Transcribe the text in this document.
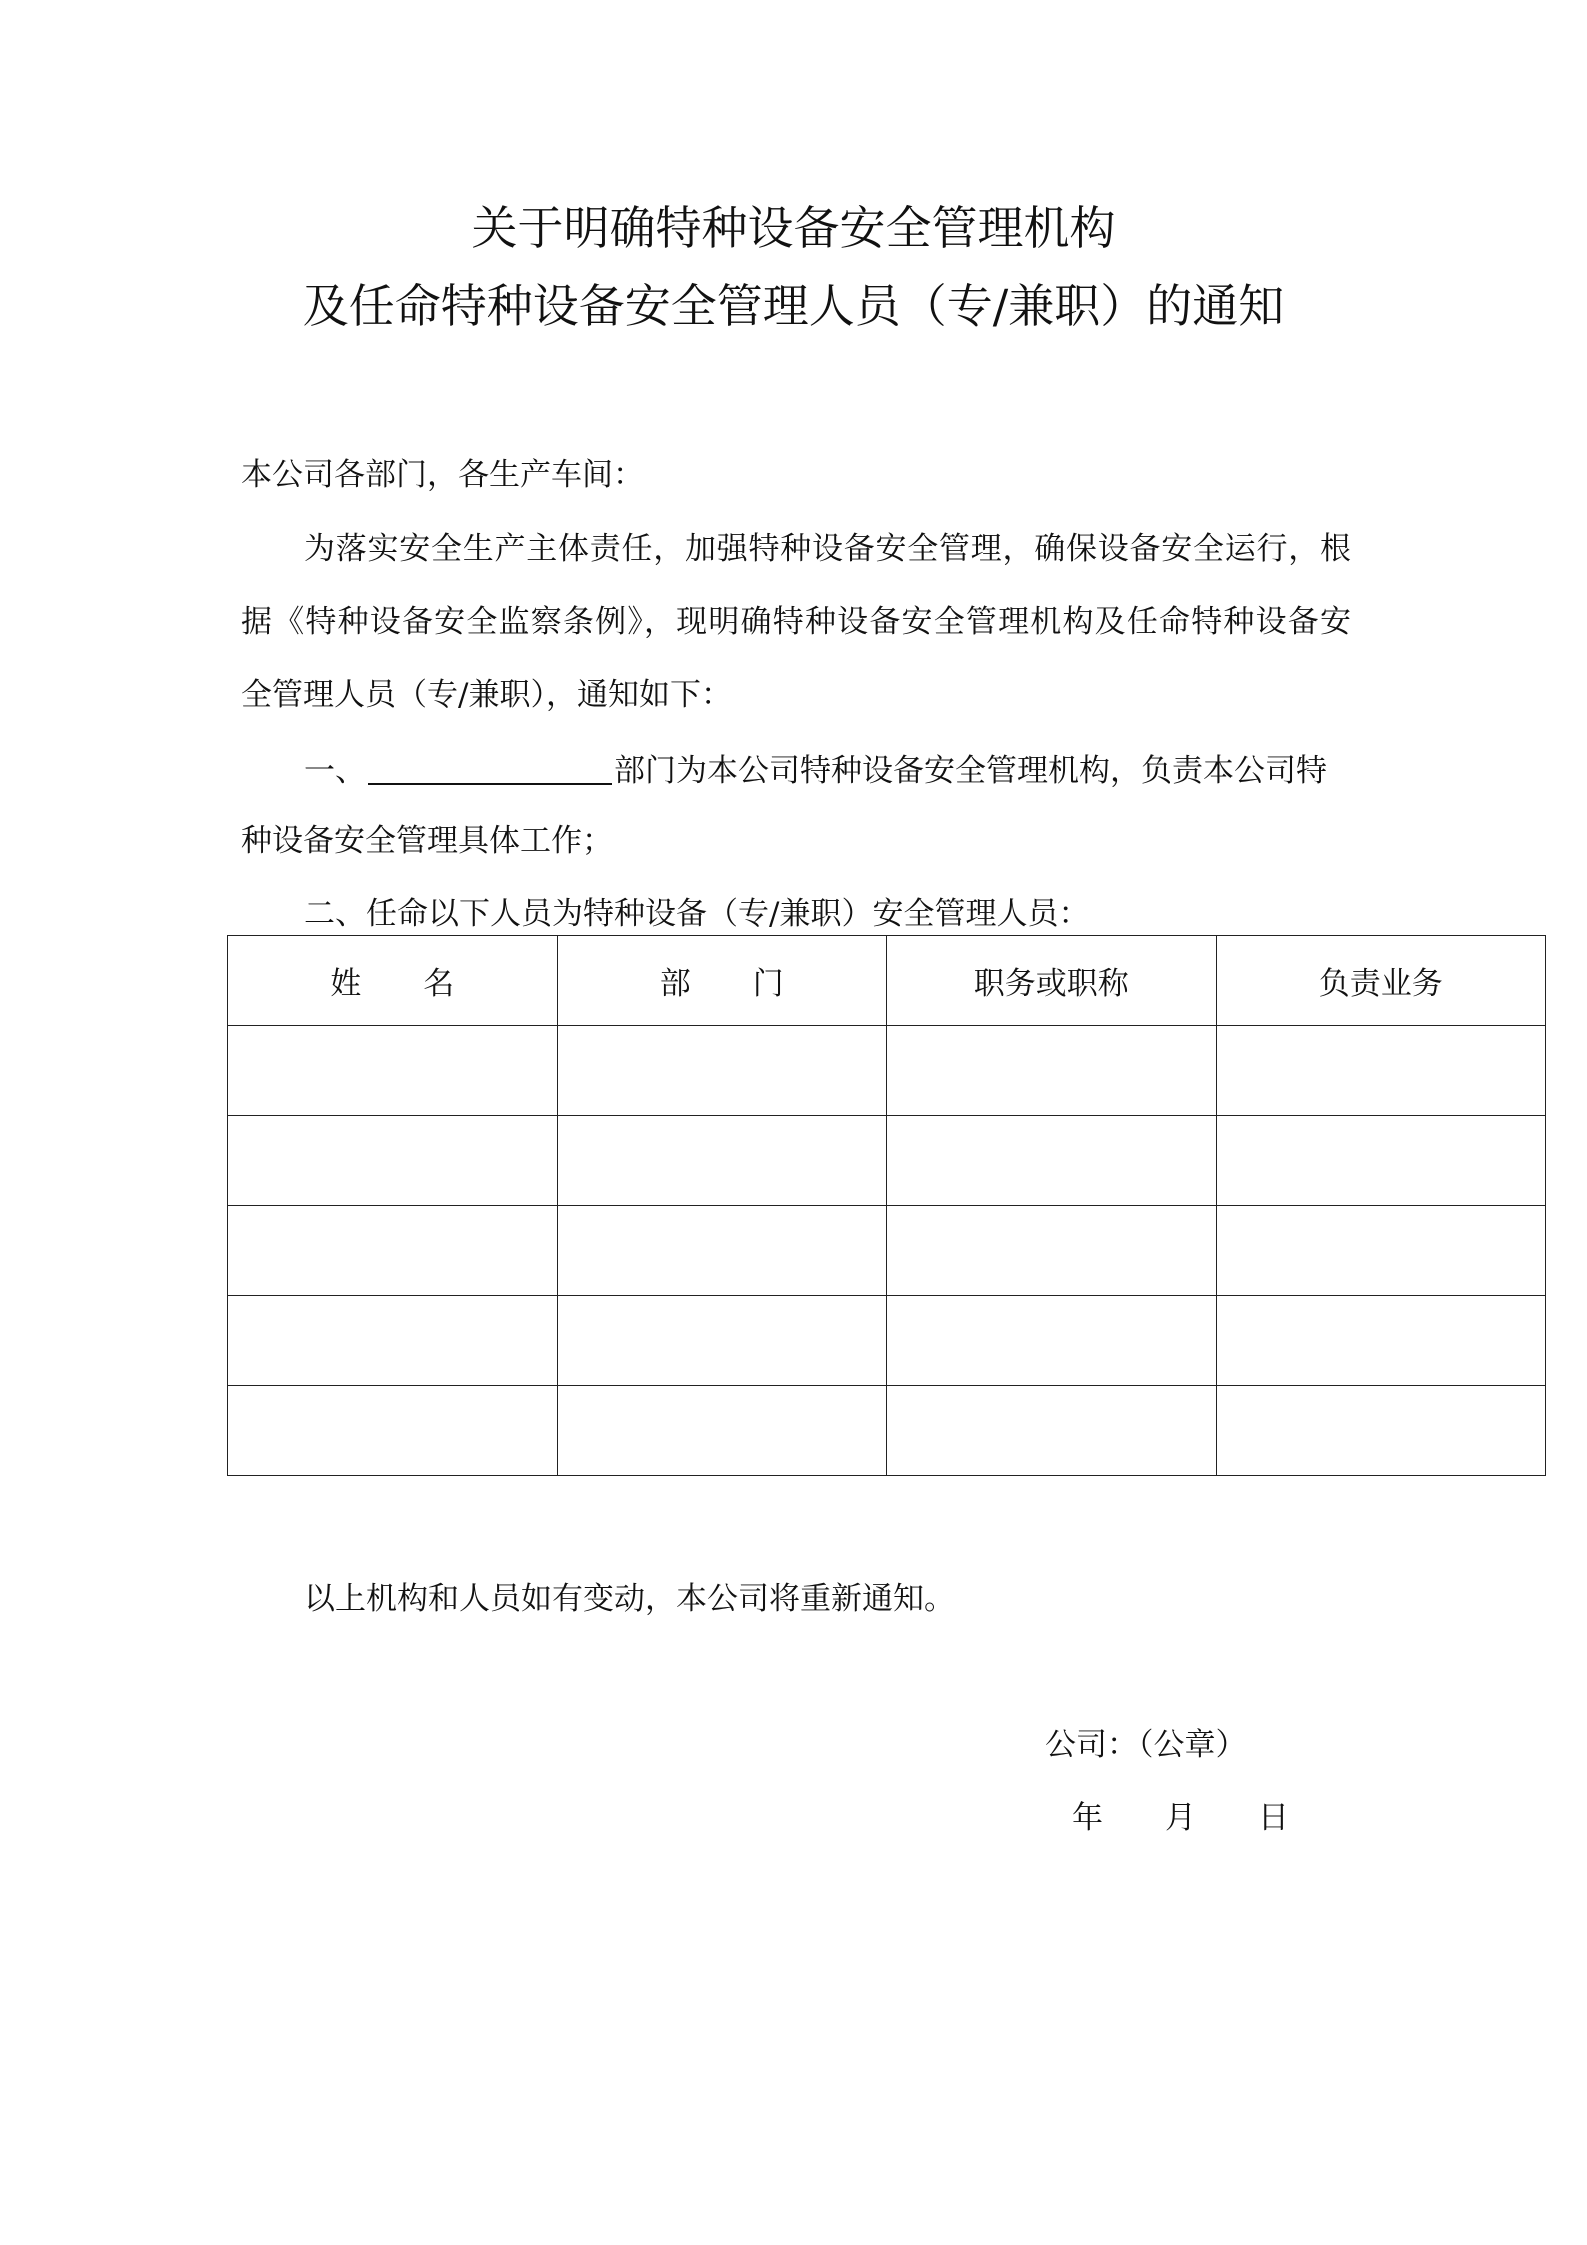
关于明确特种设备安全管理机构
及任命特种设备安全管理人员（专/兼职）的通知
本公司各部门，各生产车间：
为落实安全生产主体责任，加强特种设备安全管理，确保设备安全运行，根
据《特种设备安全监察条例》，现明确特种设备安全管理机构及任命特种设备安
全管理人员（专/兼职），通知如下：
一、	部门为本公司特种设备安全管理机构，负责本公司特
种设备安全管理具体工作；
二、任命以下人员为特种设备（专/兼职）安全管理人员：
姓　　名	部　　门	职务或职称	负责业务

以上机构和人员如有变动，本公司将重新通知。
公司：（公章）
年　　月　　日
